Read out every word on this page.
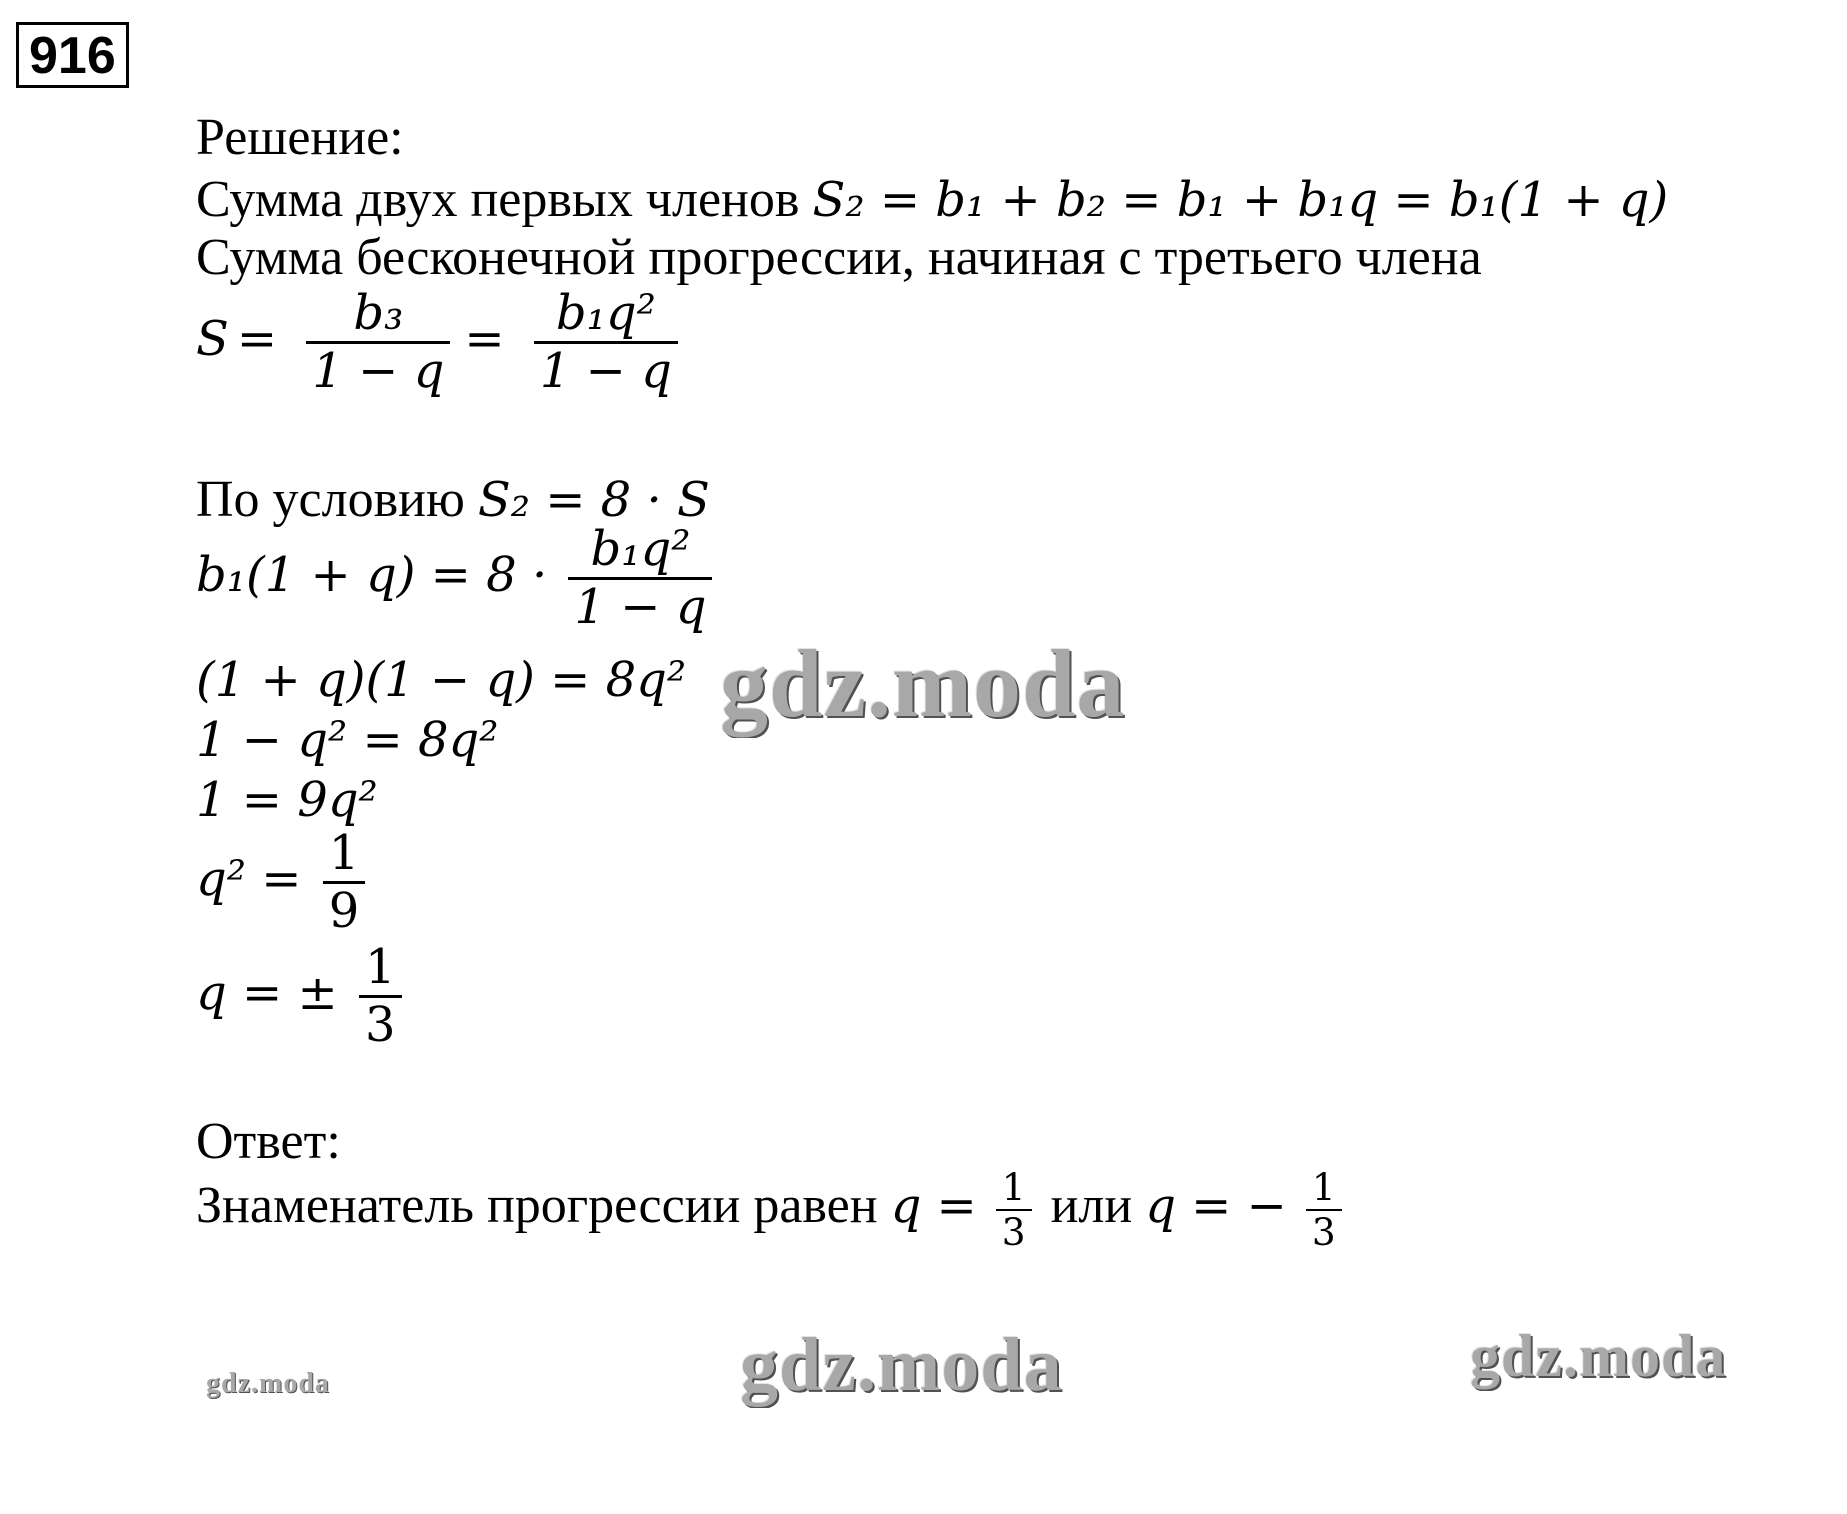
916
Решение:
Сумма двух первых членов S₂ = b₁ + b₂ = b₁ + b₁q = b₁(1 + q)
Сумма бесконечной прогрессии, начиная с третьего члена
$S = \frac{\text{b₃}}{1 - q} = \frac{\text{b₁q²}}{1 - q}$
По условию S₂ = 8 · S
$b_1(1 + q) = 8 \cdot \frac{\text{b₁q²}}{1 - q}$
(1 + q)(1 − q) = 8q²
1 − q² = 8q²
1 = 9q²
$q^2 = \frac{1}{9}$
q = ± $\frac{1}{3}$
Ответ:
Знаменатель прогрессии равен $q = \frac{1}{3}$ или q = − $\frac{1}{3}$
gdz.moda
gdz.moda	gdz.moda
gdz.moda
